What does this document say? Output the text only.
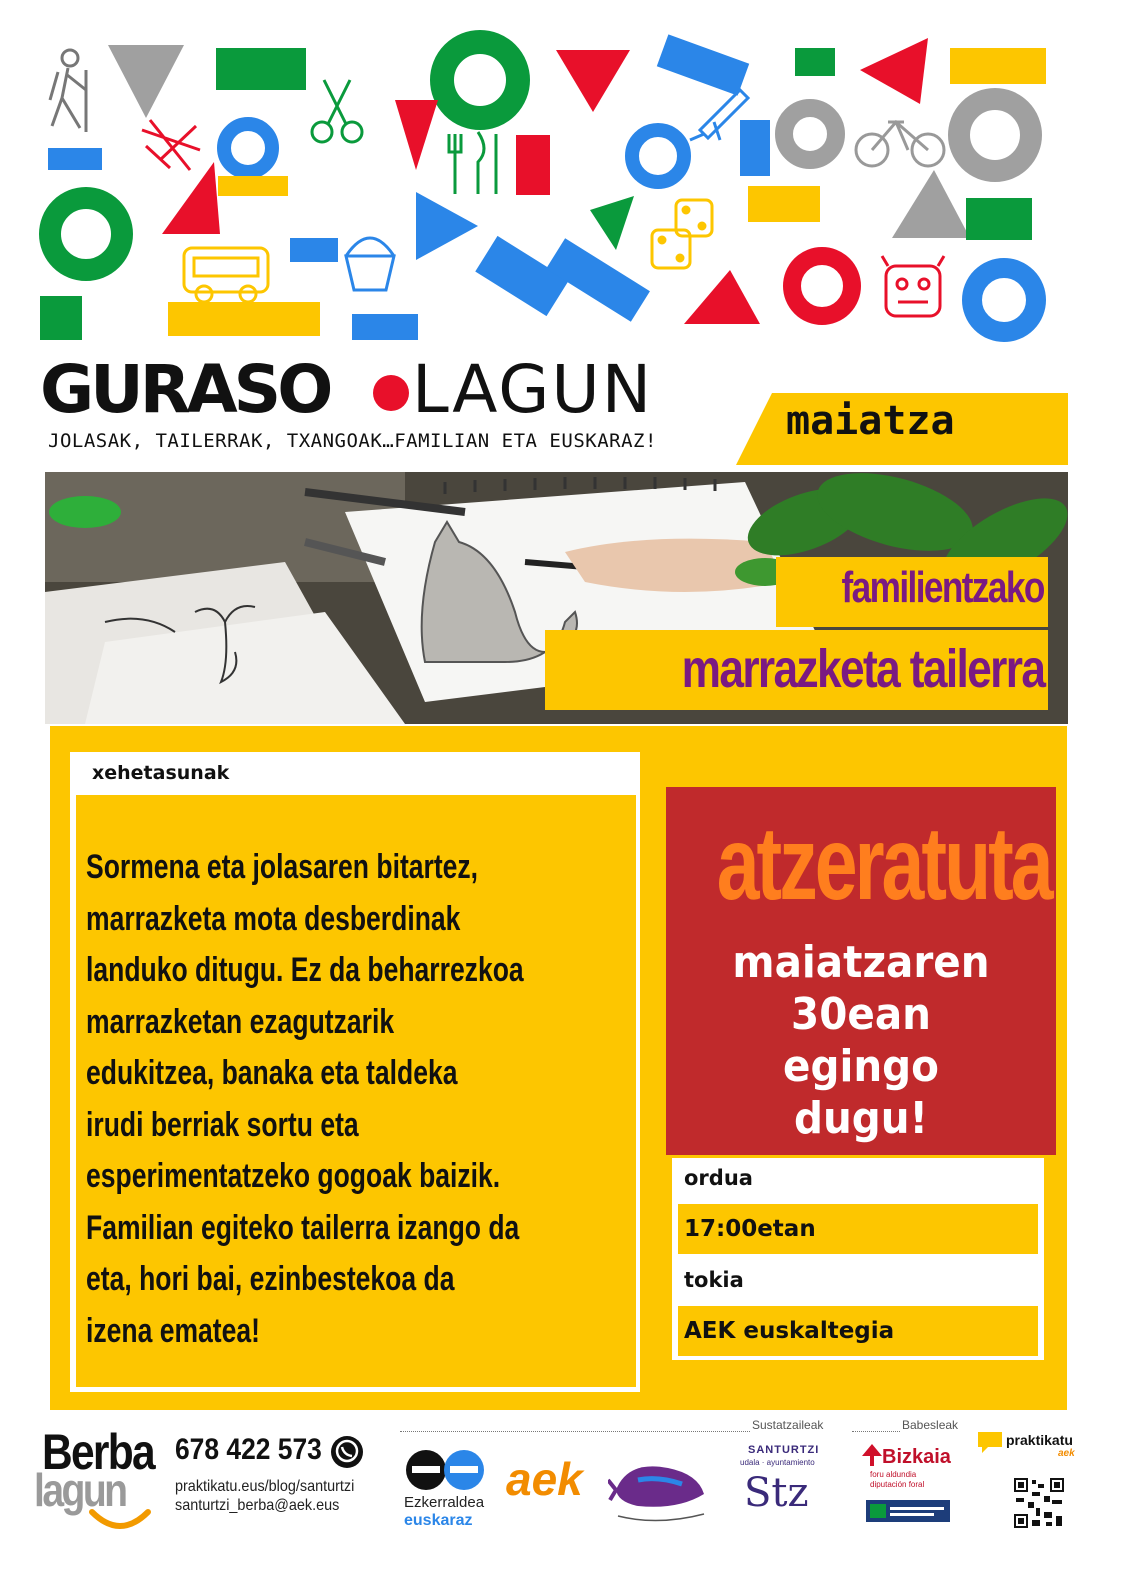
GURASO LAGUN
JOLASAK, TAILERRAK, TXANGOAK…FAMILIAN ETA EUSKARAZ!	maiatza
familientzako
marrazketa tailerra
xehetasunak
Sormena eta jolasaren bitartez,
marrazketa mota desberdinak
landuko ditugu. Ez da beharrezkoa
marrazketan ezagutzarik
edukitzea, banaka eta taldeka
irudi berriak sortu eta
esperimentatzeko gogoak baizik.
Familian egiteko tailerra izango da
eta, hori bai, ezinbestekoa da
izena ematea!
atzeratuta
maiatzaren
30ean
egingo
dugu!
ordua
17:00etan
tokia
AEK euskaltegia
Berba
lagun
678 422 573
praktikatu.eus/blog/santurtzi
santurtzi_berba@aek.eus
Sustatzaileak	Babesleak
Ezkerraldea
euskaraz
aek
SANTURTZI
udala · ayuntamiento
Stz
Bizkaia
foru aldundia diputación foral
praktikatu
aek
